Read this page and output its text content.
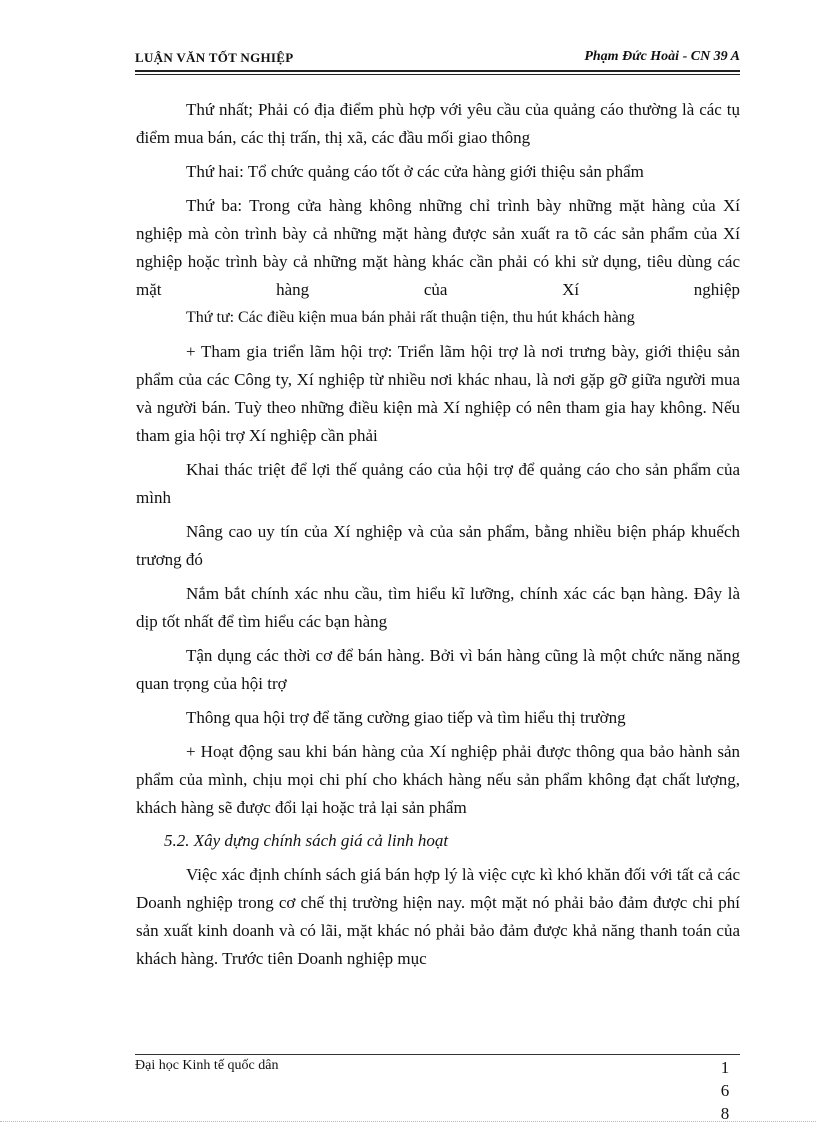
LUẬN VĂN TỐT NGHIỆP	Phạm Đức Hoài - CN 39 A

Thứ nhất; Phải có địa điểm phù hợp với yêu cầu của quảng cáo thường là các tụ điểm mua bán, các thị trấn, thị xã, các đầu mối giao thông

Thứ hai: Tổ chức quảng cáo tốt ở các cửa hàng giới thiệu sản phẩm

Thứ ba: Trong cửa hàng không những chỉ trình bày những mặt hàng của Xí nghiệp mà còn trình bày cả những mặt hàng được sản xuất ra tõ các sản phẩm của Xí nghiệp hoặc trình bày cả những mặt hàng khác cần phải có khi sử dụng, tiêu dùng các mặt hàng của Xí nghiệp

Thứ tư: Các điều kiện mua bán phải rất thuận tiện, thu hút khách hàng

+ Tham gia triển lãm hội trợ: Triển lãm hội trợ là nơi trưng bày, giới thiệu sản phẩm của các Công ty, Xí nghiệp từ nhiều nơi khác nhau, là nơi gặp gỡ giữa người mua và người bán. Tuỳ theo những điều kiện mà Xí nghiệp có nên tham gia hay không. Nếu tham gia hội trợ Xí nghiệp cần phải

Khai thác triệt để lợi thế quảng cáo của hội trợ để quảng cáo cho sản phẩm của mình

Nâng cao uy tín của Xí nghiệp và của sản phẩm, bằng nhiều biện pháp khuếch trương đó

Nắm bắt chính xác nhu cầu, tìm hiểu kĩ lưỡng, chính xác các bạn hàng. Đây là dịp tốt nhất để tìm hiểu các bạn hàng

Tận dụng các thời cơ để bán hàng. Bởi vì bán hàng cũng là một chức năng năng quan trọng của hội trợ

Thông qua hội trợ để tăng cường giao tiếp và tìm hiểu thị trường

+ Hoạt động sau khi bán hàng của Xí nghiệp phải được thông qua bảo hành sản phẩm của mình, chịu mọi chi phí cho khách hàng nếu sản phẩm không đạt chất lượng, khách hàng sẽ được đổi lại hoặc trả lại sản phẩm

5.2. Xây dựng chính sách giá cả linh hoạt

Việc xác định chính sách giá bán hợp lý là việc cực kì khó khăn đối với tất cả các Doanh nghiệp trong cơ chế thị trường hiện nay. một mặt nó phải bảo đảm được chi phí sản xuất kinh doanh và có lãi, mặt khác nó phải bảo đảm được khả năng thanh toán của khách hàng. Trước tiên Doanh nghiệp mục

Đại học Kinh tế quốc dân	1
6
8
